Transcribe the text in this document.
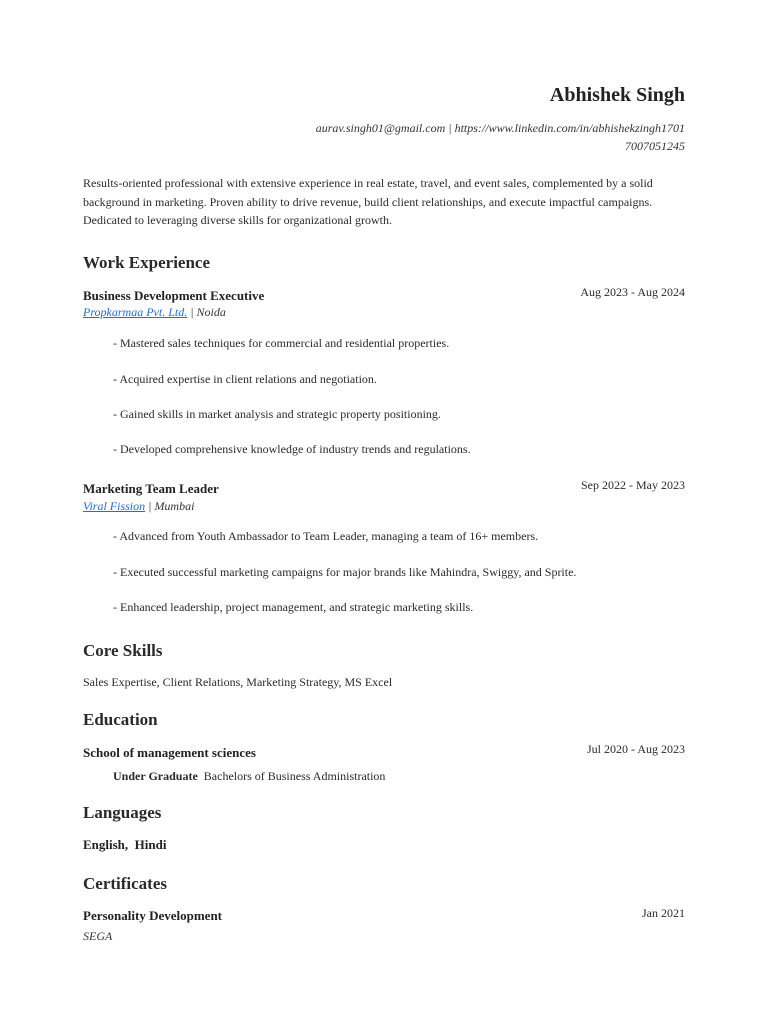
Abhishek Singh
aurav.singh01@gmail.com | https://www.linkedin.com/in/abhishekzingh1701
7007051245
Results-oriented professional with extensive experience in real estate, travel, and event sales, complemented by a solid background in marketing. Proven ability to drive revenue, build client relationships, and execute impactful campaigns. Dedicated to leveraging diverse skills for organizational growth.
Work Experience
Business Development Executive	Aug 2023 - Aug 2024
Propkarmaa Pvt. Ltd. | Noida
- Mastered sales techniques for commercial and residential properties.
- Acquired expertise in client relations and negotiation.
- Gained skills in market analysis and strategic property positioning.
- Developed comprehensive knowledge of industry trends and regulations.
Marketing Team Leader	Sep 2022 - May 2023
Viral Fission | Mumbai
- Advanced from Youth Ambassador to Team Leader, managing a team of 16+ members.
- Executed successful marketing campaigns for major brands like Mahindra, Swiggy, and Sprite.
- Enhanced leadership, project management, and strategic marketing skills.
Core Skills
Sales Expertise, Client Relations, Marketing Strategy, MS Excel
Education
School of management sciences	Jul 2020 - Aug 2023
Under Graduate Bachelors of Business Administration
Languages
English,  Hindi
Certificates
Personality Development	Jan 2021
SEGA
